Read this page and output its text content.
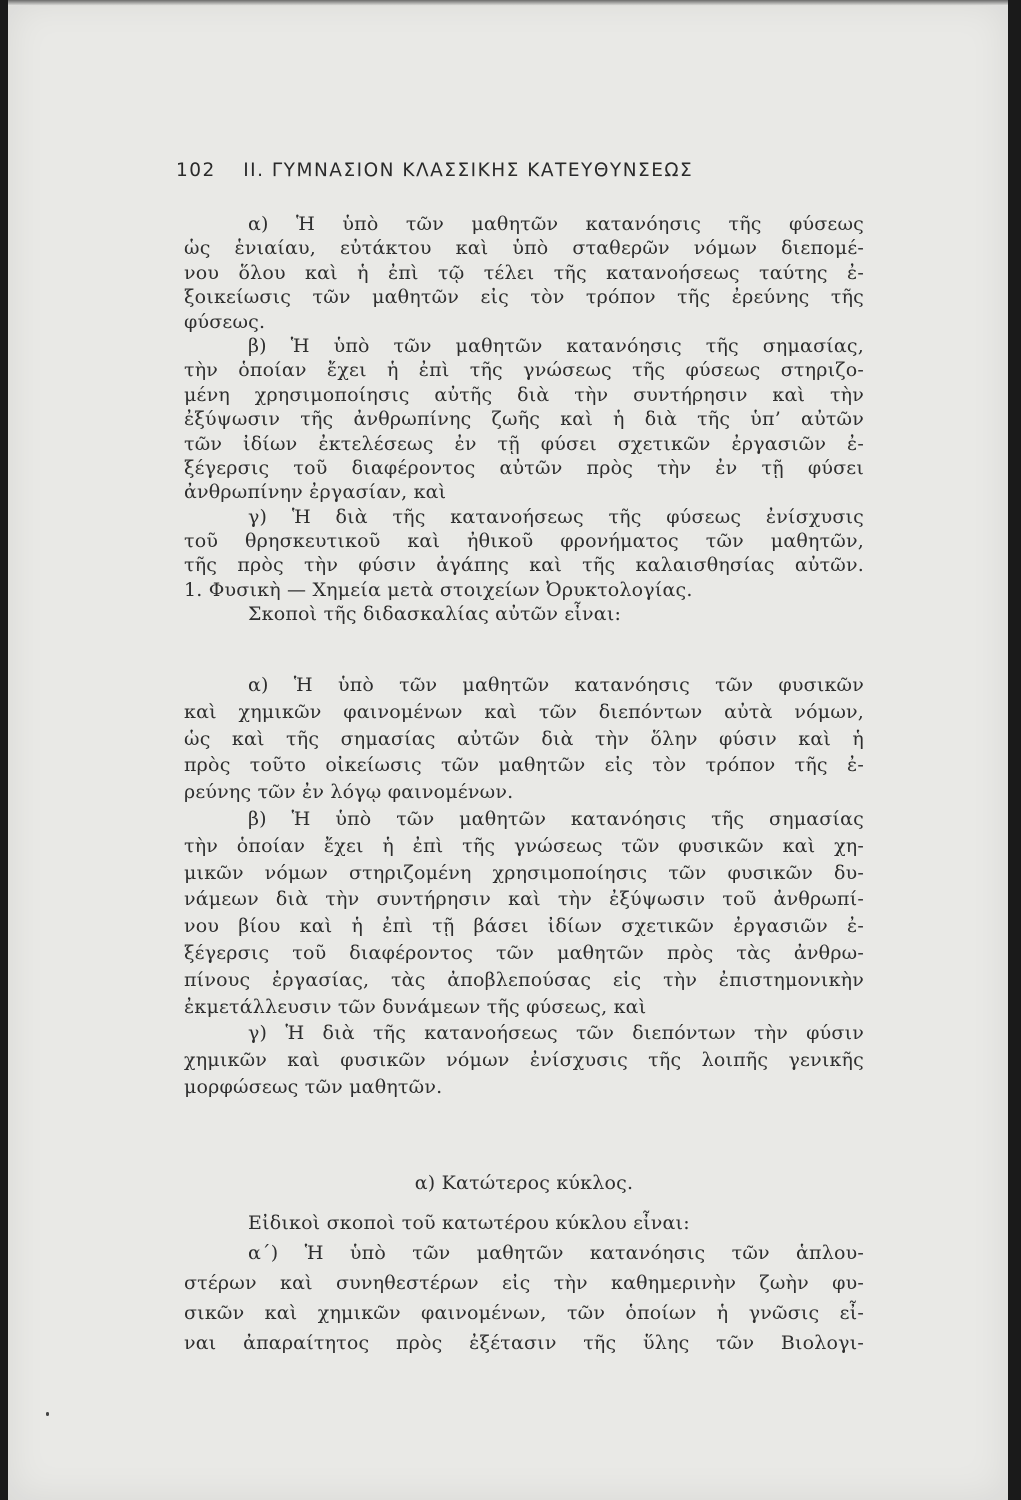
102 II. ΓΥΜΝΑΣΙΟΝ ΚΛΑΣΣΙΚΗΣ ΚΑΤΕΥΘΥΝΣΕΩΣ
α) Ἡ ὑπὸ τῶν μαθητῶν κατανόησις τῆς φύσεως
ὡς ἑνιαίαυ, εὐτάκτου καὶ ὑπὸ σταθερῶν νόμων διεπομέ-
νου ὅλου καὶ ἡ ἐπὶ τῷ τέλει τῆς κατανοήσεως ταύτης ἐ-
ξοικείωσις τῶν μαθητῶν εἰς τὸν τρόπον τῆς ἐρεύνης τῆς
φύσεως.
β) Ἡ ὑπὸ τῶν μαθητῶν κατανόησις τῆς σημασίας,
τὴν ὁποίαν ἔχει ἡ ἐπὶ τῆς γνώσεως τῆς φύσεως στηριζο-
μένη χρησιμοποίησις αὐτῆς διὰ τὴν συντήρησιν καὶ τὴν
ἐξύψωσιν τῆς ἀνθρωπίνης ζωῆς καὶ ἡ διὰ τῆς ὑπ’ αὐτῶν
τῶν ἰδίων ἐκτελέσεως ἐν τῇ φύσει σχετικῶν ἐργασιῶν ἐ-
ξέγερσις τοῦ διαφέροντος αὐτῶν πρὸς τὴν ἐν τῇ φύσει
ἀνθρωπίνην ἐργασίαν, καὶ
γ) Ἡ διὰ τῆς κατανοήσεως τῆς φύσεως ἐνίσχυσις
τοῦ θρησκευτικοῦ καὶ ἠθικοῦ φρονήματος τῶν μαθητῶν,
τῆς πρὸς τὴν φύσιν ἀγάπης καὶ τῆς καλαισθησίας αὐτῶν.
1. Φυσικὴ — Χημεία μετὰ στοιχείων Ὀρυκτολογίας.
Σκοποὶ τῆς διδασκαλίας αὐτῶν εἶναι:
α) Ἡ ὑπὸ τῶν μαθητῶν κατανόησις τῶν φυσικῶν
καὶ χημικῶν φαινομένων καὶ τῶν διεπόντων αὐτὰ νόμων,
ὡς καὶ τῆς σημασίας αὐτῶν διὰ τὴν ὅλην φύσιν καὶ ἡ
πρὸς τοῦτο οἰκείωσις τῶν μαθητῶν εἰς τὸν τρόπον τῆς ἐ-
ρεύνης τῶν ἐν λόγῳ φαινομένων.
β) Ἡ ὑπὸ τῶν μαθητῶν κατανόησις τῆς σημασίας
τὴν ὁποίαν ἔχει ἡ ἐπὶ τῆς γνώσεως τῶν φυσικῶν καὶ χη-
μικῶν νόμων στηριζομένη χρησιμοποίησις τῶν φυσικῶν δυ-
νάμεων διὰ τὴν συντήρησιν καὶ τὴν ἐξύψωσιν τοῦ ἀνθρωπί-
νου βίου καὶ ἡ ἐπὶ τῇ βάσει ἰδίων σχετικῶν ἐργασιῶν ἐ-
ξέγερσις τοῦ διαφέροντος τῶν μαθητῶν πρὸς τὰς ἀνθρω-
πίνους ἐργασίας, τὰς ἀποβλεπούσας εἰς τὴν ἐπιστημονικὴν
ἐκμετάλλευσιν τῶν δυνάμεων τῆς φύσεως, καὶ
γ) Ἡ διὰ τῆς κατανοήσεως τῶν διεπόντων τὴν φύσιν
χημικῶν καὶ φυσικῶν νόμων ἐνίσχυσις τῆς λοιπῆς γενικῆς
μορφώσεως τῶν μαθητῶν.
α) Κατώτερος κύκλος.
Εἰδικοὶ σκοποὶ τοῦ κατωτέρου κύκλου εἶναι:
α΄) Ἡ ὑπὸ τῶν μαθητῶν κατανόησις τῶν ἁπλου-
στέρων καὶ συνηθεστέρων εἰς τὴν καθημερινὴν ζωὴν φυ-
σικῶν καὶ χημικῶν φαινομένων, τῶν ὁποίων ἡ γνῶσις εἶ-
ναι ἀπαραίτητος πρὸς ἐξέτασιν τῆς ὕλης τῶν Βιολογι-
